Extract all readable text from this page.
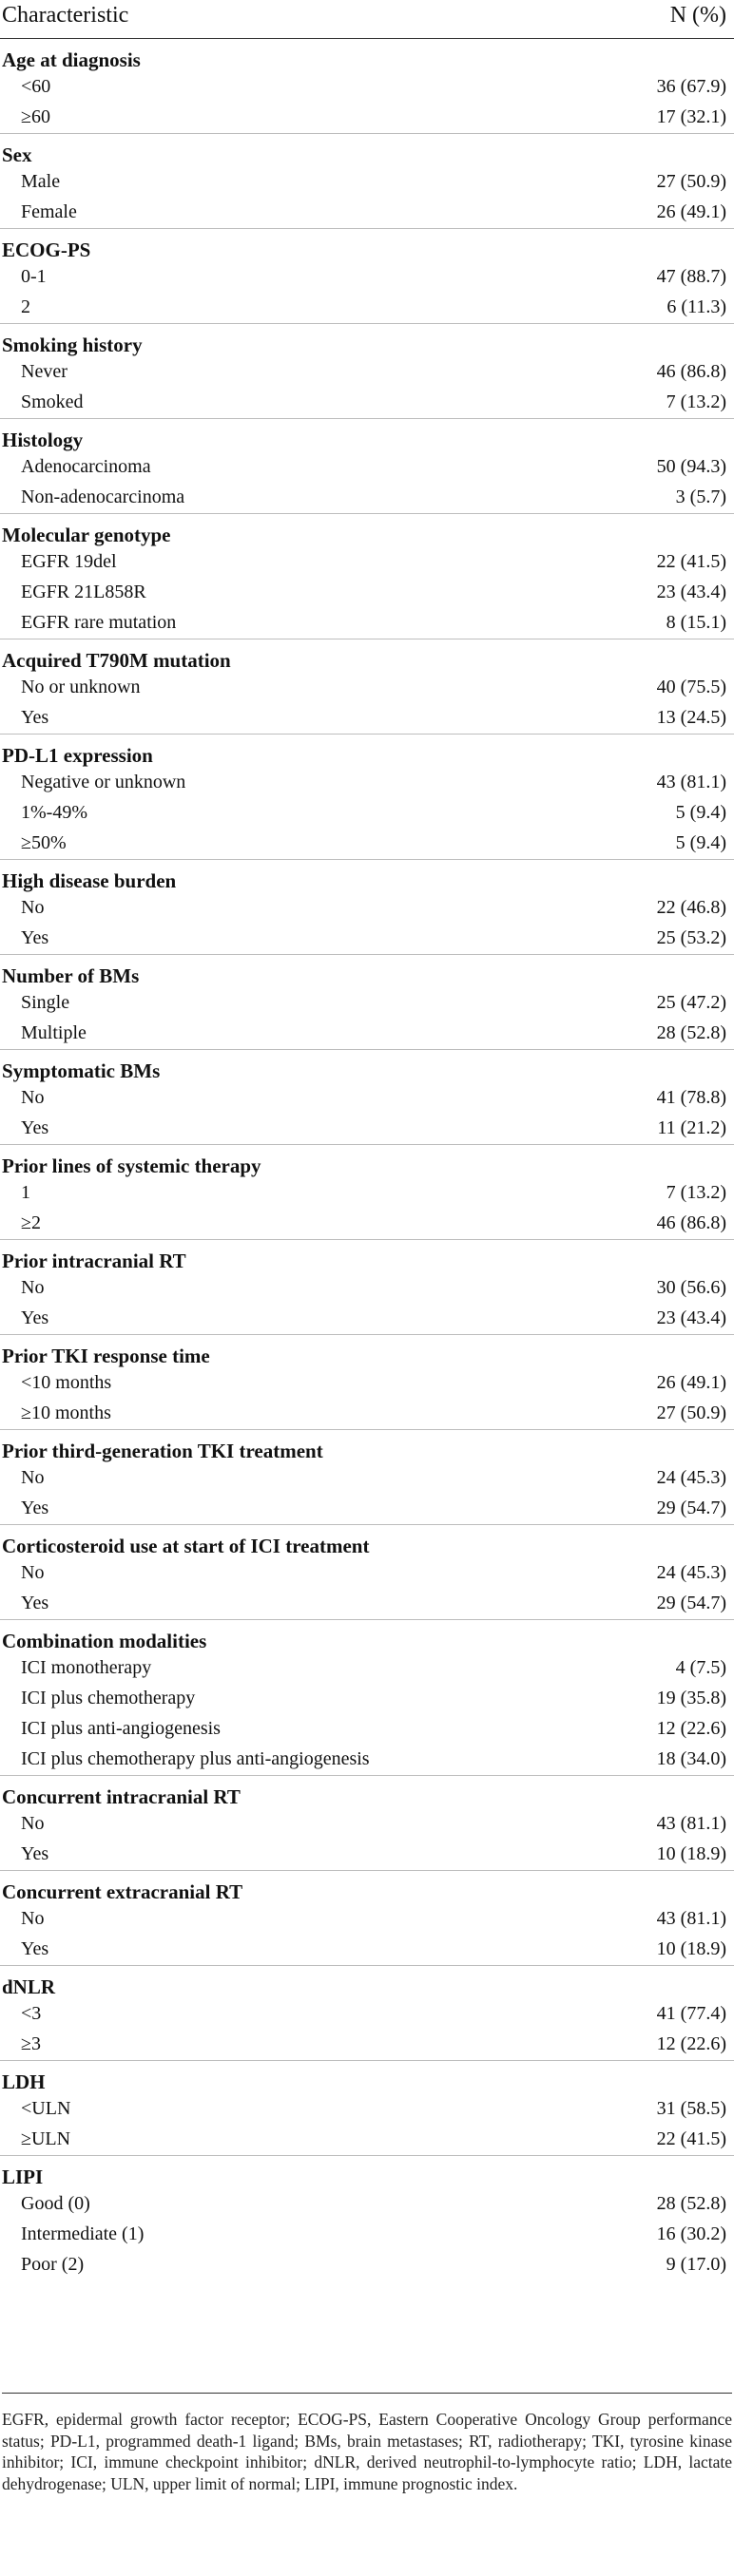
Characteristic	N (%)
Age at diagnosis
<60	36 (67.9)
≥60	17 (32.1)
Sex
Male	27 (50.9)
Female	26 (49.1)
ECOG-PS
0-1	47 (88.7)
2	6 (11.3)
Smoking history
Never	46 (86.8)
Smoked	7 (13.2)
Histology
Adenocarcinoma	50 (94.3)
Non-adenocarcinoma	3 (5.7)
Molecular genotype
EGFR 19del	22 (41.5)
EGFR 21L858R	23 (43.4)
EGFR rare mutation	8 (15.1)
Acquired T790M mutation
No or unknown	40 (75.5)
Yes	13 (24.5)
PD-L1 expression
Negative or unknown	43 (81.1)
1%-49%	5 (9.4)
≥50%	5 (9.4)
High disease burden
No	22 (46.8)
Yes	25 (53.2)
Number of BMs
Single	25 (47.2)
Multiple	28 (52.8)
Symptomatic BMs
No	41 (78.8)
Yes	11 (21.2)
Prior lines of systemic therapy
1	7 (13.2)
≥2	46 (86.8)
Prior intracranial RT
No	30 (56.6)
Yes	23 (43.4)
Prior TKI response time
<10 months	26 (49.1)
≥10 months	27 (50.9)
Prior third-generation TKI treatment
No	24 (45.3)
Yes	29 (54.7)
Corticosteroid use at start of ICI treatment
No	24 (45.3)
Yes	29 (54.7)
Combination modalities
ICI monotherapy	4 (7.5)
ICI plus chemotherapy	19 (35.8)
ICI plus anti-angiogenesis	12 (22.6)
ICI plus chemotherapy plus anti-angiogenesis	18 (34.0)
Concurrent intracranial RT
No	43 (81.1)
Yes	10 (18.9)
Concurrent extracranial RT
No	43 (81.1)
Yes	10 (18.9)
dNLR
<3	41 (77.4)
≥3	12 (22.6)
LDH
<ULN	31 (58.5)
≥ULN	22 (41.5)
LIPI
Good (0)	28 (52.8)
Intermediate (1)	16 (30.2)
Poor (2)	9 (17.0)
EGFR, epidermal growth factor receptor; ECOG-PS, Eastern Cooperative Oncology Group performance status; PD-L1, programmed death-1 ligand; BMs, brain metastases; RT, radiotherapy; TKI, tyrosine kinase inhibitor; ICI, immune checkpoint inhibitor; dNLR, derived neutrophil-to-lymphocyte ratio; LDH, lactate dehydrogenase; ULN, upper limit of normal; LIPI, immune prognostic index.
